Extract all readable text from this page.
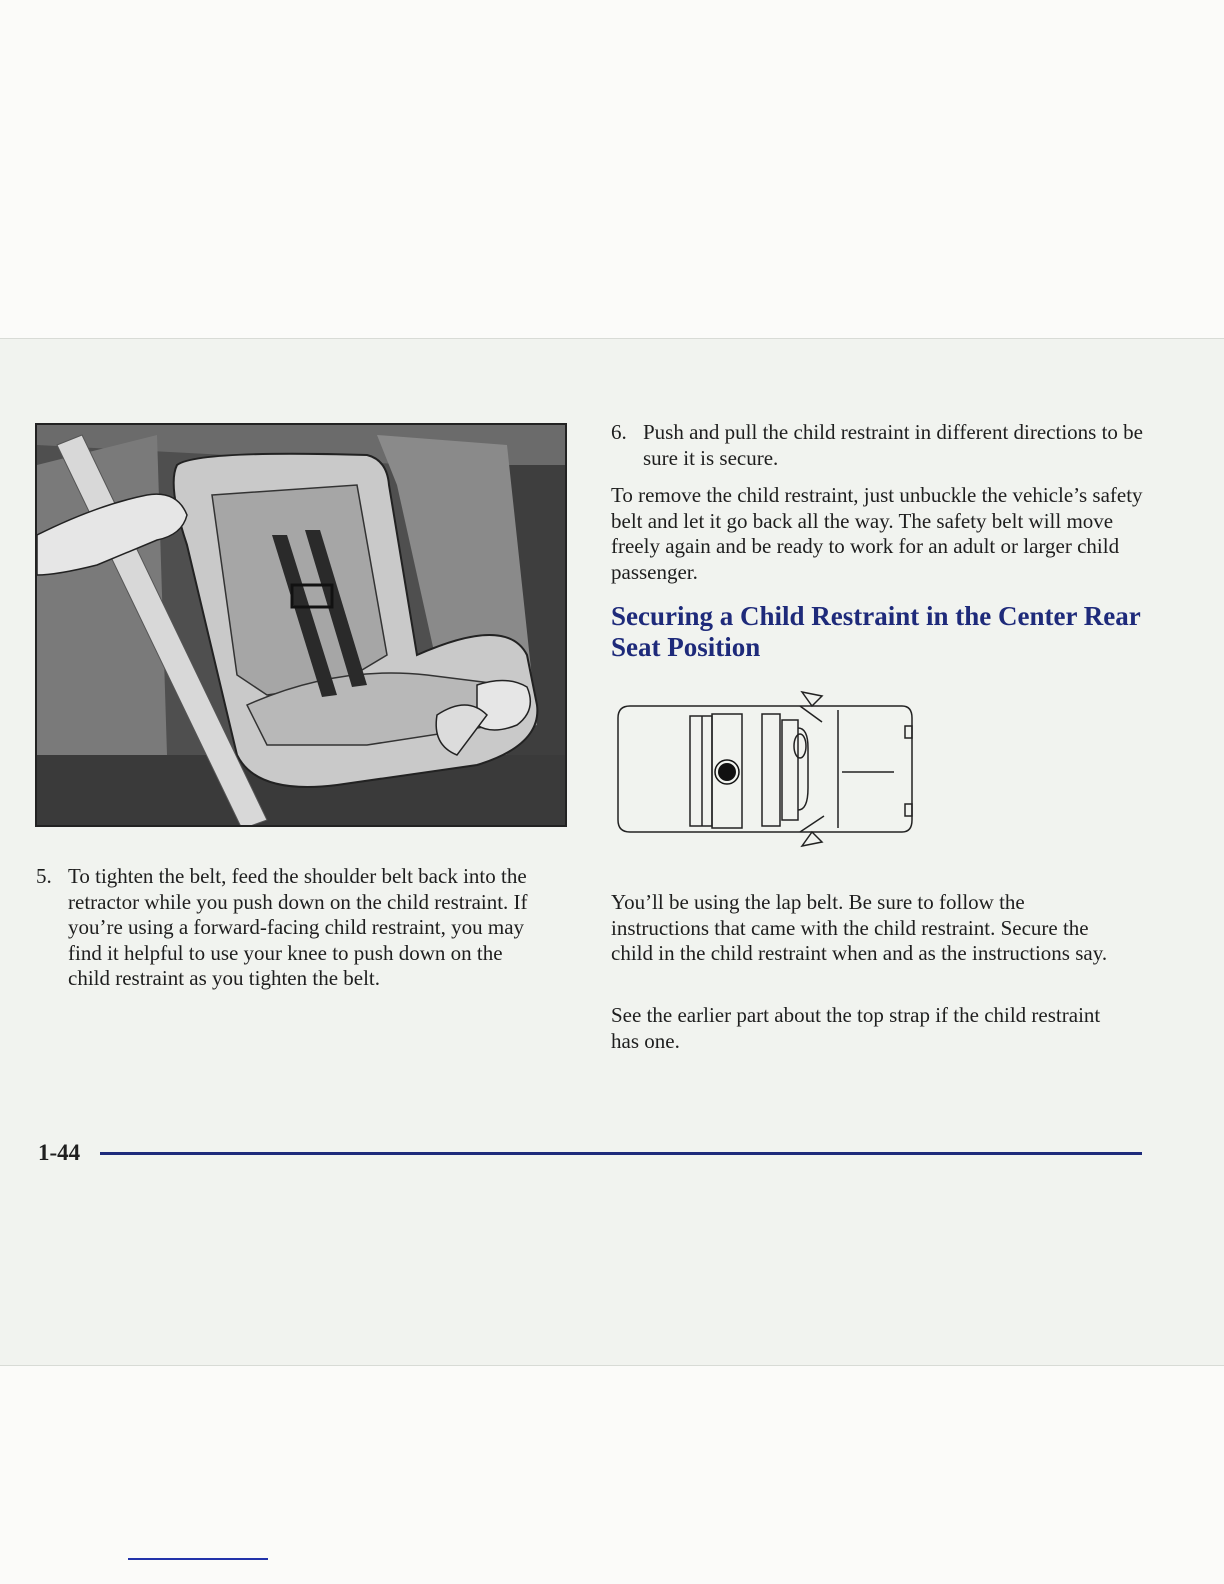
5. To tighten the belt, feed the shoulder belt back into the retractor while you push down on the child restraint. If you’re using a forward-facing child restraint, you may find it helpful to use your knee to push down on the child restraint as you tighten the belt.
6. Push and pull the child restraint in different directions to be sure it is secure.

To remove the child restraint, just unbuckle the vehicle’s safety belt and let it go back all the way. The safety belt will move freely again and be ready to work for an adult or larger child passenger.

Securing a Child Restraint in the Center Rear Seat Position

You’ll be using the lap belt. Be sure to follow the instructions that came with the child restraint. Secure the child in the child restraint when and as the instructions say.

See the earlier part about the top strap if the child restraint has one.

1-44
